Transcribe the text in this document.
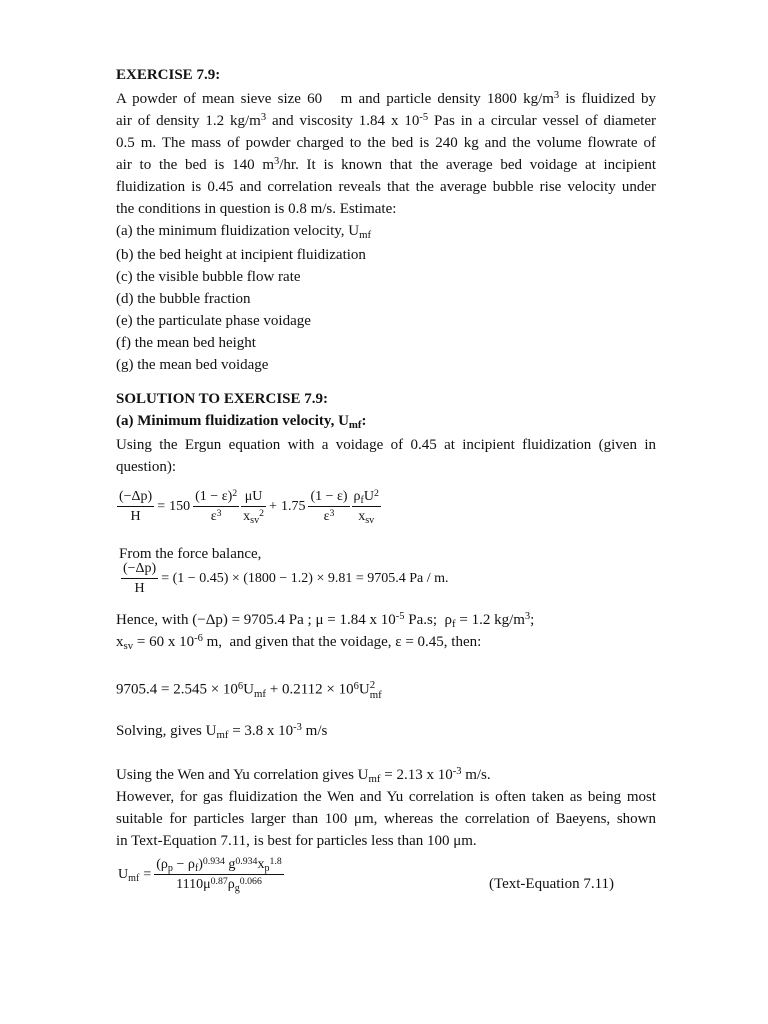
EXERCISE 7.9:
A powder of mean sieve size 60   m and particle density 1800 $kg/m^3$ is fluidized by
air of density 1.2 $kg/m^3$ and viscosity 1.84 x $10^{-5}$ Pas in a circular vessel of diameter
0.5 m. The mass of powder charged to the bed is 240 kg and the volume flowrate of
air to the bed is 140 $m^3/hr$. It is known that the average bed voidage at incipient
fluidization is 0.45 and correlation reveals that the average bubble rise velocity under
the conditions in question is 0.8 m/s. Estimate:
(a) the minimum fluidization velocity, $U_{mf}$
(b) the bed height at incipient fluidization
(c) the visible bubble flow rate
(d) the bubble fraction
(e) the particulate phase voidage
(f) the mean bed height
(g) the mean bed voidage
SOLUTION TO EXERCISE 7.9:
(a) Minimum fluidization velocity, $U_{mf}$:
Using the Ergun equation with a voidage of 0.45 at incipient fluidization (given in
question):
$\frac{(-\Delta p)}{H} = 150 \frac{(1 - \varepsilon)^2}{\varepsilon^3} \frac{\mu U}{x_{sv}^2} + 1.75 \frac{(1 - \varepsilon)}{\varepsilon^3} \frac{\rho_fU^2}{x_{sv}}$
From the force balance,
$\frac{(-\Delta p)}{H} = (1 - 0.45) \times (1800 - 1.2) \times 9.81 = 9705.4$ Pa / m.
Hence, with (−Δp) = 9705.4 Pa ; μ = 1.84 x $10^{-5}$ Pa.s;  $\rho_f = 1.2$ $kg/m^3$;
$x_{sv} = 60$ x $10^{-6}$ m,  and given that the voidage, ε = 0.45, then:
$9705.4 = 2.545 \times 10^6U_{mf} + 0.2112 \times 10^6U$ 2
mf
Solving, gives $U_{mf} = 3.8$ x $10^{-3}$ m/s
Using the Wen and Yu correlation gives $U_{mf} = 2.13$ x $10^{-3}$ m/s.
However, for gas fluidization the Wen and Yu correlation is often taken as being most
suitable for particles larger than 100 μm, whereas the correlation of Baeyens, shown
in Text-Equation 7.11, is best for particles less than 100 μm.
$U_{mf} = \frac{(\rho_p - \rho_f)^{0.934} g^{0.934}x_p^{1.8}}{1110\mu^{0.87}\rho_g^{0.066}}$	(Text-Equation 7.11)
